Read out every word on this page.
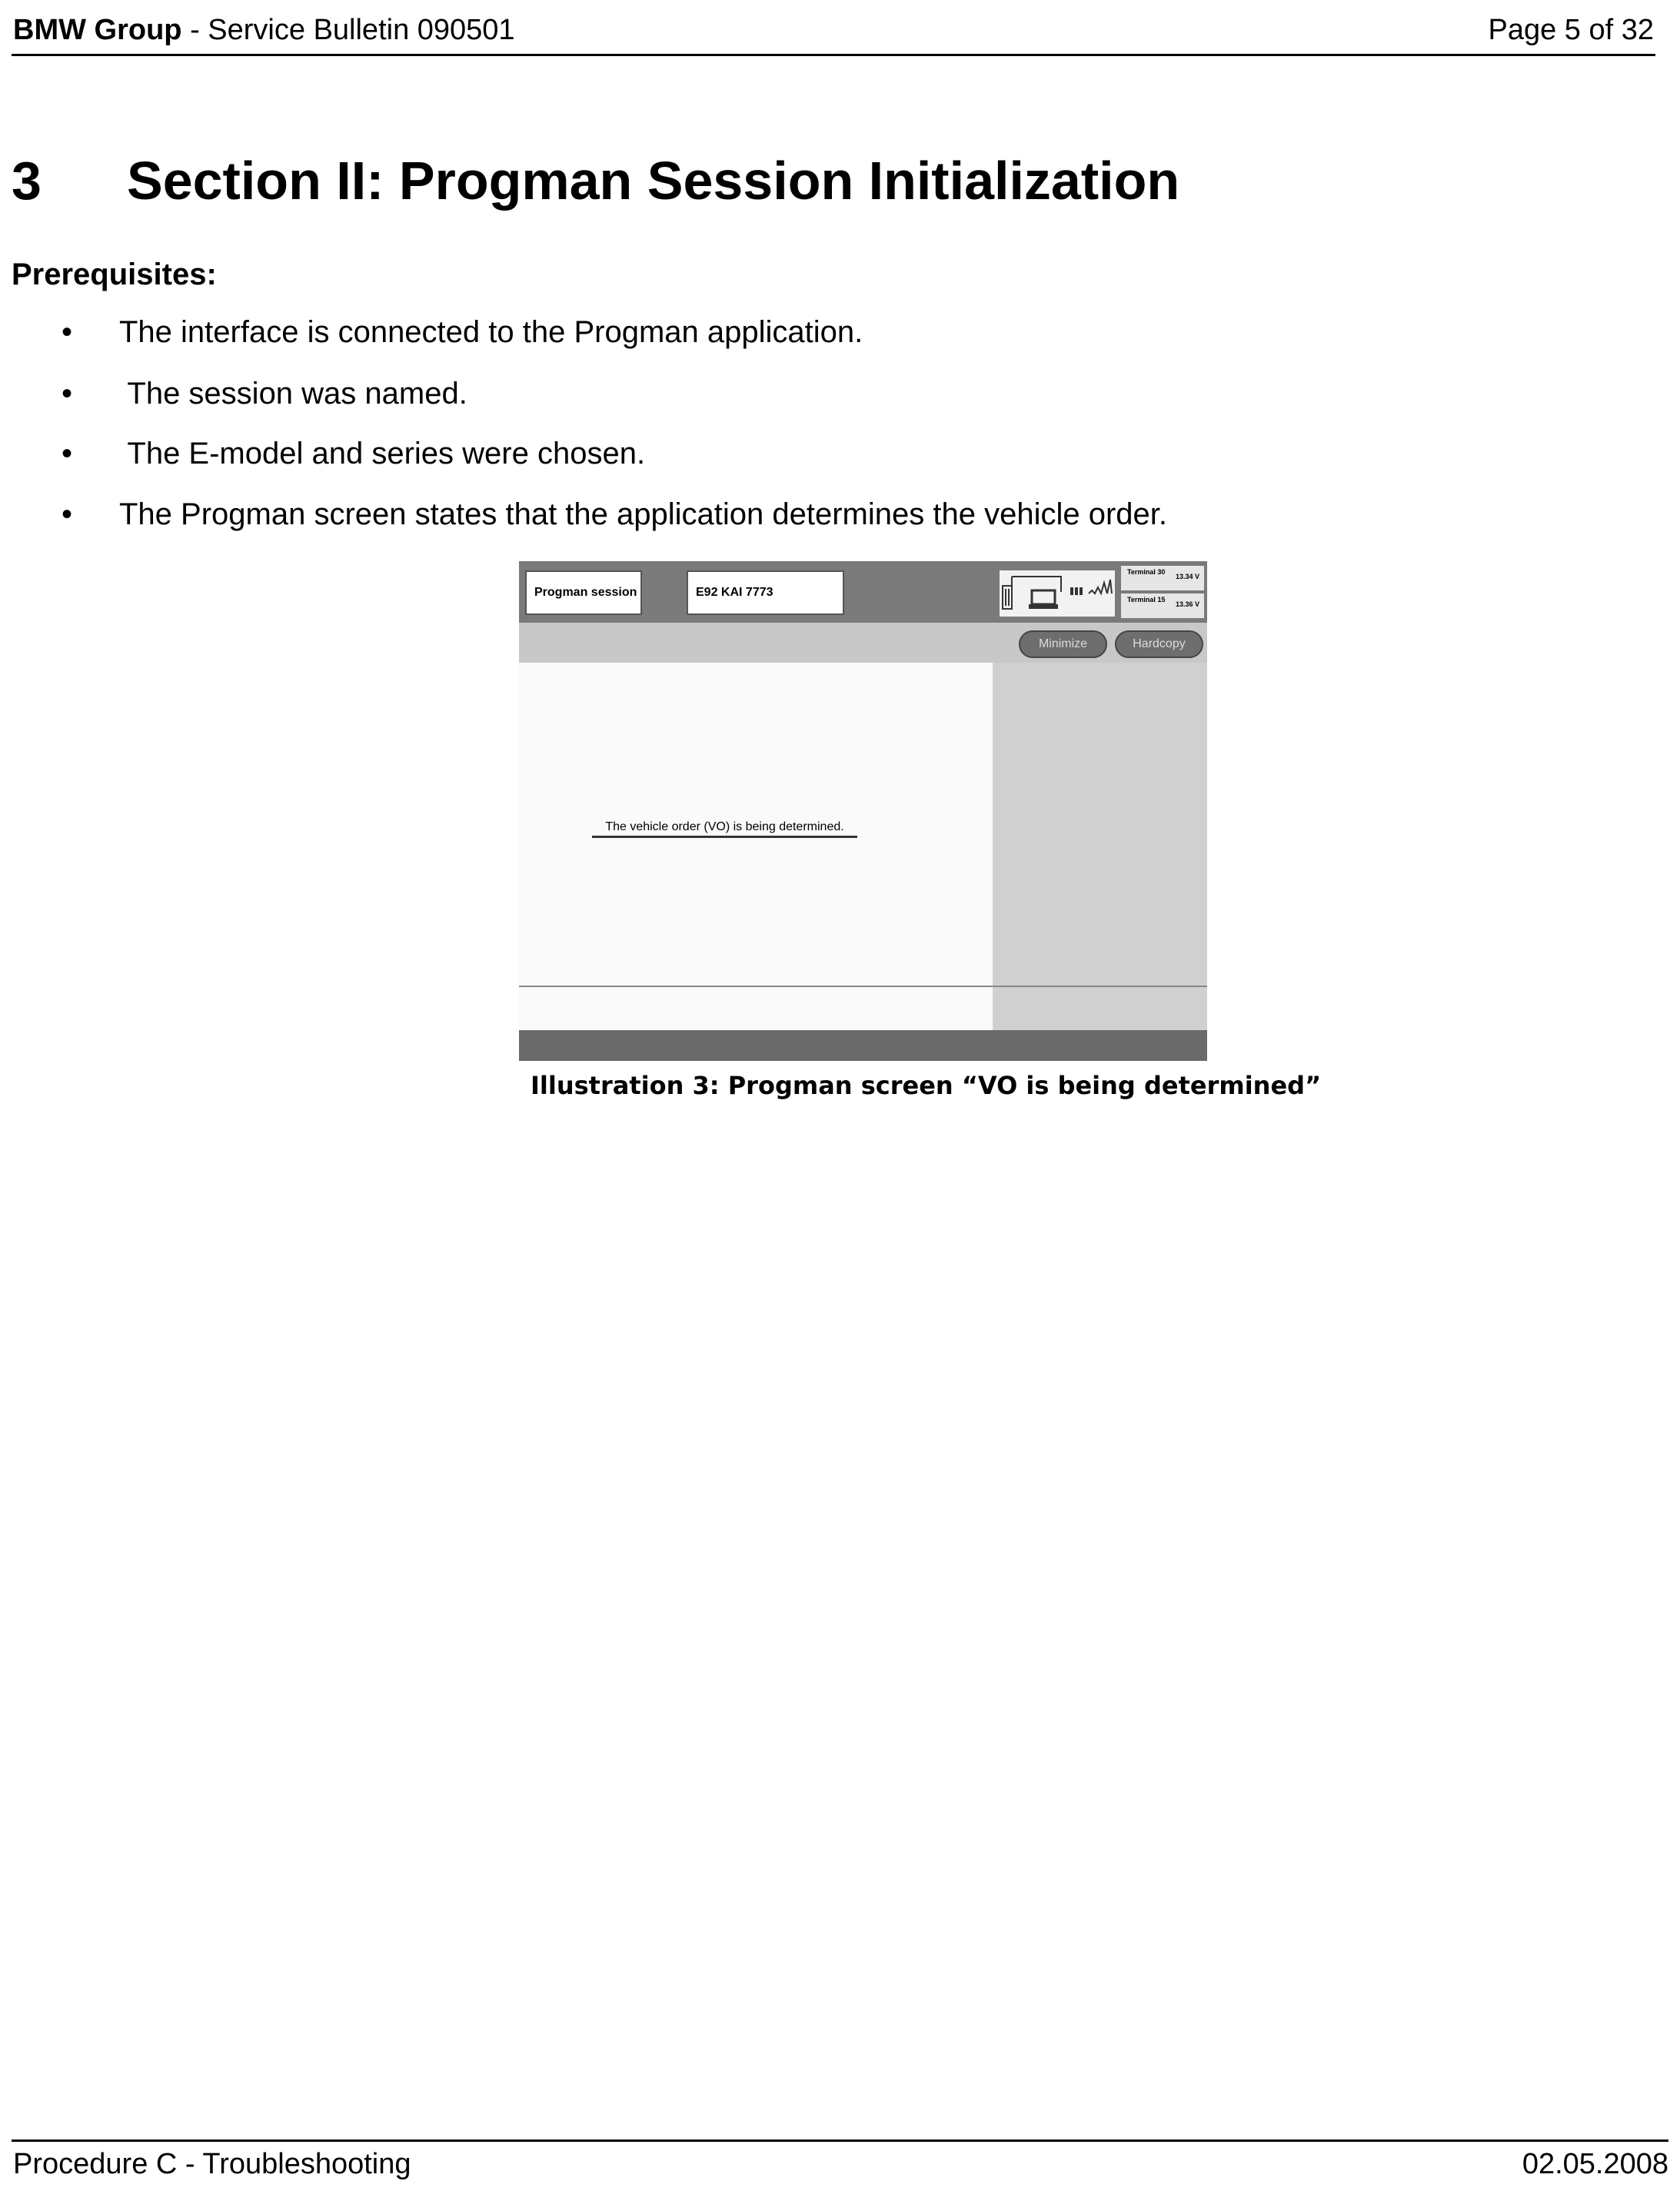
BMW Group - Service Bulletin 090501	Page 5 of 32
3 Section II: Progman Session Initialization
Prerequisites:
• The interface is connected to the Progman application.
• The session was named.
• The E-model and series were chosen.
• The Progman screen states that the application determines the vehicle order.
Progman session	E92 KAI 7773
Terminal 30
13.34 V
Terminal 15
13.36 V
Minimize	Hardcopy
The vehicle order (VO) is being determined.
Illustration 3: Progman screen “VO is being determined”
Procedure C - Troubleshooting	02.05.2008
